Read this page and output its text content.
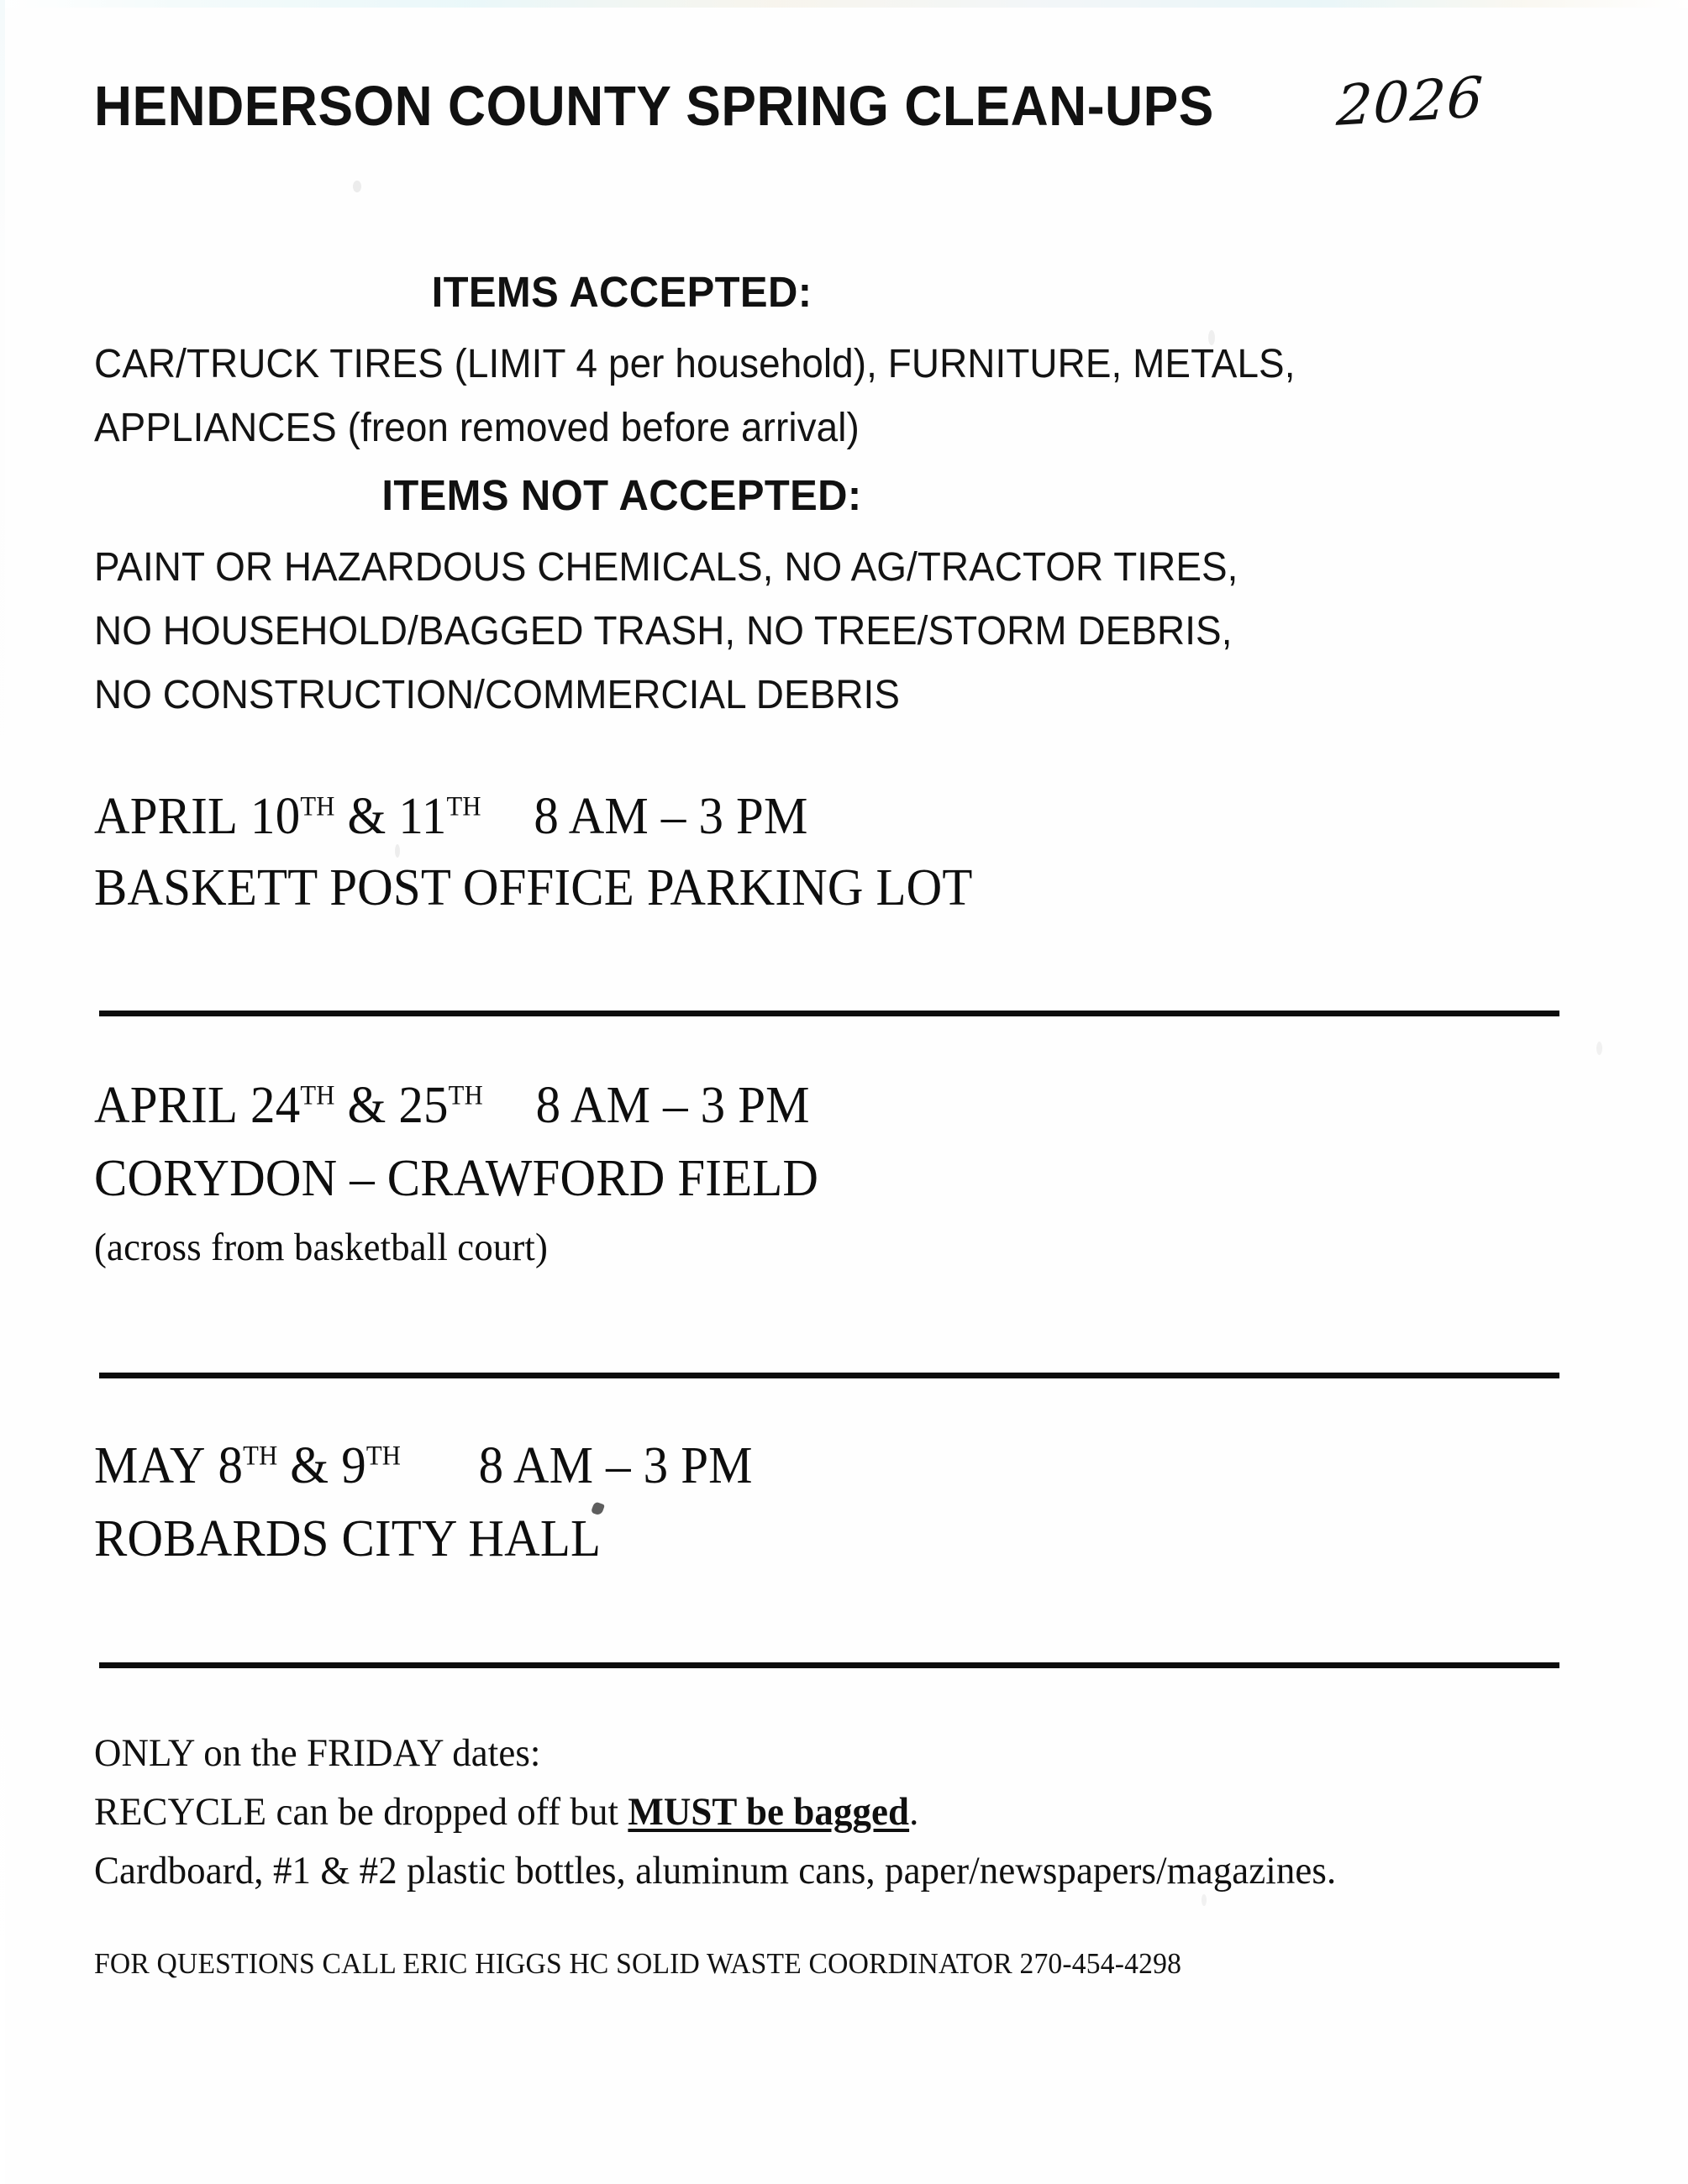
HENDERSON COUNTY SPRING CLEAN-UPS 2026
ITEMS ACCEPTED:
CAR/TRUCK TIRES (LIMIT 4 per household), FURNITURE, METALS,
APPLIANCES (freon removed before arrival)
ITEMS NOT ACCEPTED:
PAINT OR HAZARDOUS CHEMICALS, NO AG/TRACTOR TIRES,
NO HOUSEHOLD/BAGGED TRASH, NO TREE/STORM DEBRIS,
NO CONSTRUCTION/COMMERCIAL DEBRIS
APRIL 10TH & 11TH 8 AM – 3 PM
BASKETT POST OFFICE PARKING LOT
APRIL 24TH & 25TH 8 AM – 3 PM
CORYDON – CRAWFORD FIELD
(across from basketball court)
MAY 8TH & 9TH 8 AM – 3 PM
ROBARDS CITY HALL
ONLY on the FRIDAY dates:
RECYCLE can be dropped off but MUST be bagged.
Cardboard, #1 & #2 plastic bottles, aluminum cans, paper/newspapers/magazines.
FOR QUESTIONS CALL ERIC HIGGS HC SOLID WASTE COORDINATOR 270-454-4298
